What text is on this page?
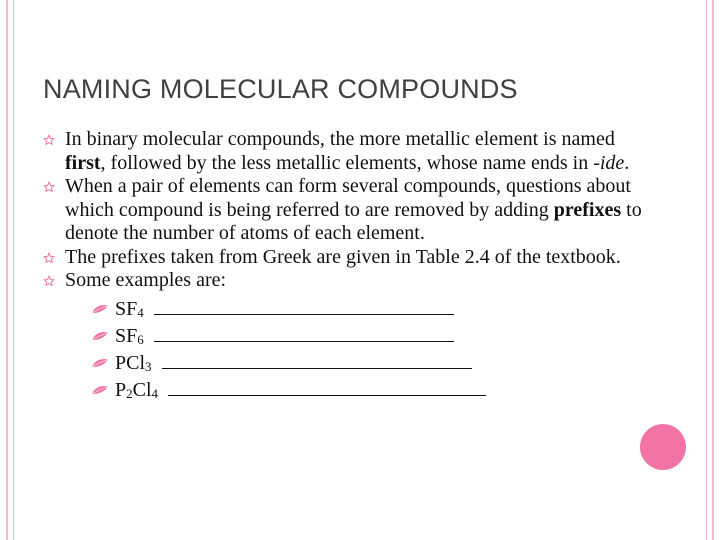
NAMING MOLECULAR COMPOUNDS
In binary molecular compounds, the more metallic element is named first, followed by the less metallic elements, whose name ends in -ide.
When a pair of elements can form several compounds, questions about which compound is being referred to are removed by adding prefixes to denote the number of atoms of each element.
The prefixes taken from Greek are given in Table 2.4 of the textbook.
Some examples are:
$SF_4$
$SF_6$
PCl$_3$
$P_2Cl_4$
